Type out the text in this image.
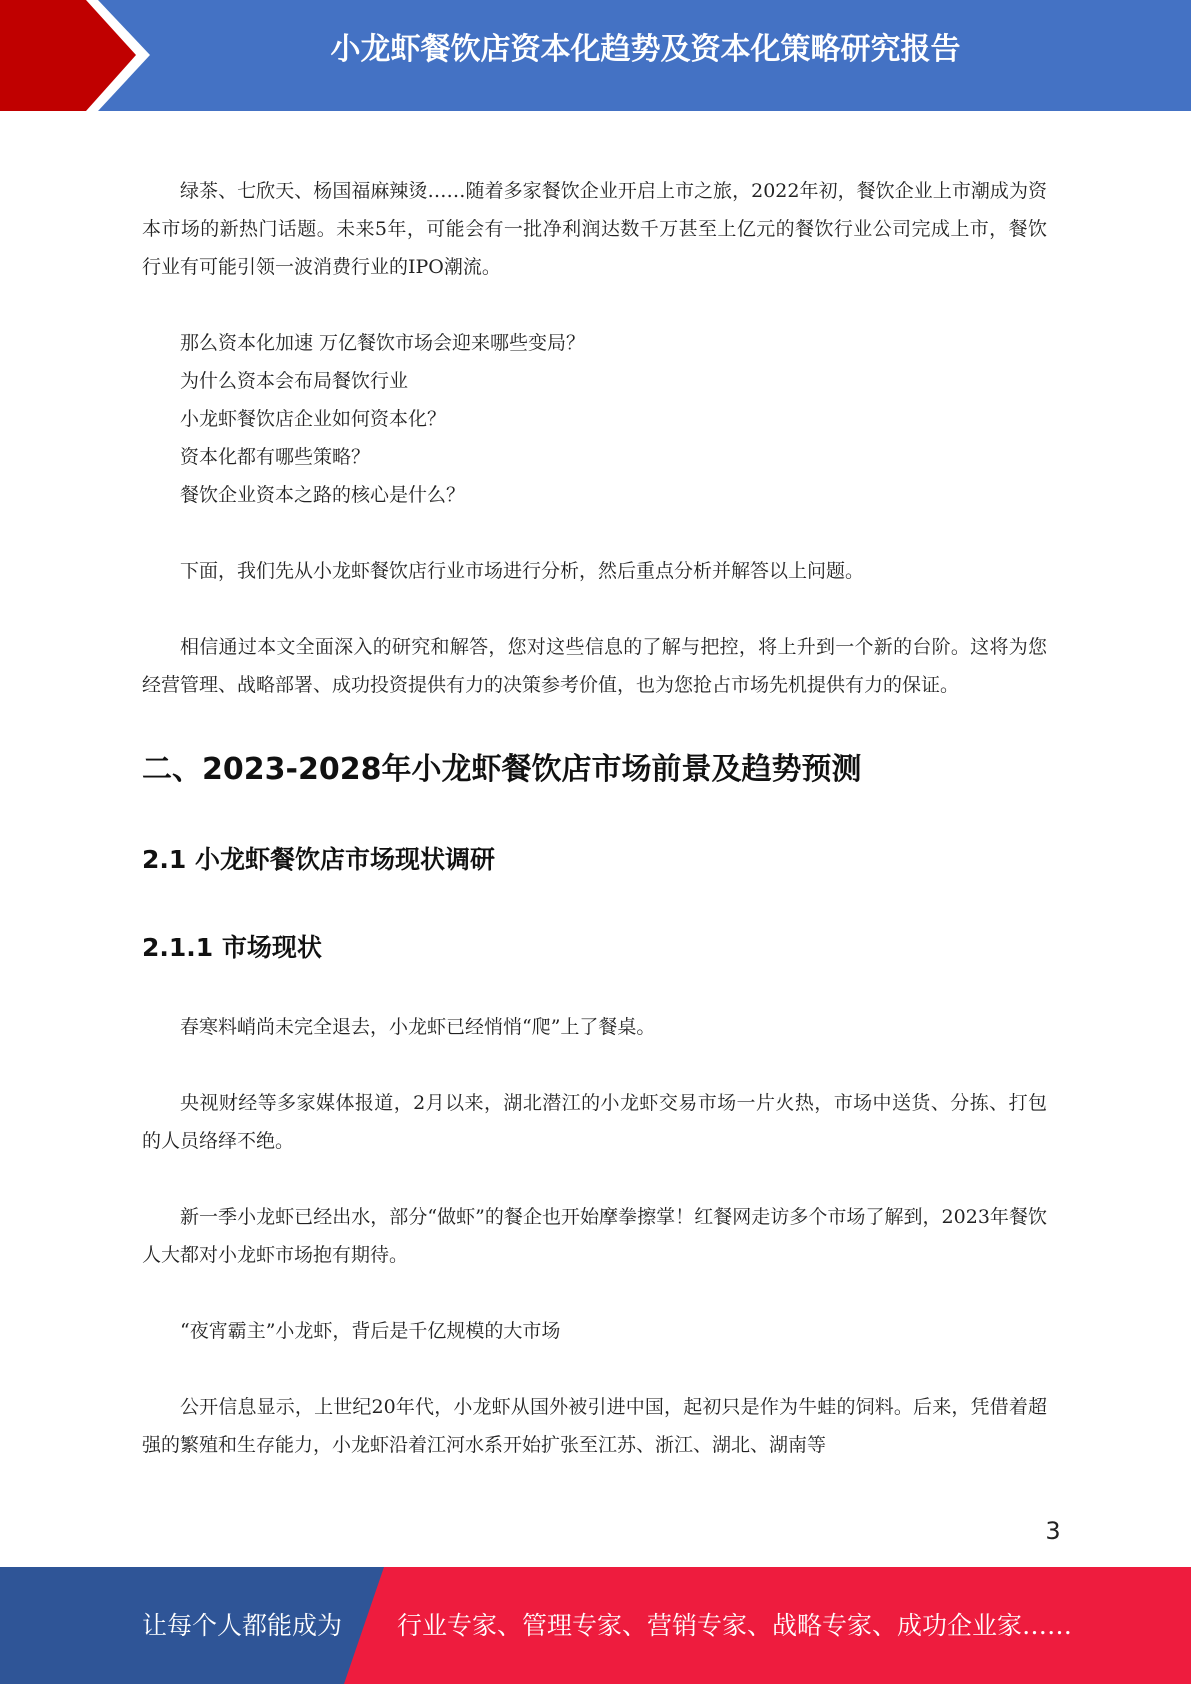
小龙虾餐饮店资本化趋势及资本化策略研究报告

绿茶、七欣天、杨国福麻辣烫……随着多家餐饮企业开启上市之旅，2022年初，餐饮企业上市潮成为资本市场的新热门话题。未来5年，可能会有一批净利润达数千万甚至上亿元的餐饮行业公司完成上市，餐饮行业有可能引领一波消费行业的IPO潮流。

那么资本化加速 万亿餐饮市场会迎来哪些变局？
为什么资本会布局餐饮行业
小龙虾餐饮店企业如何资本化？
资本化都有哪些策略？
餐饮企业资本之路的核心是什么？

下面，我们先从小龙虾餐饮店行业市场进行分析，然后重点分析并解答以上问题。

相信通过本文全面深入的研究和解答，您对这些信息的了解与把控，将上升到一个新的台阶。这将为您经营管理、战略部署、成功投资提供有力的决策参考价值，也为您抢占市场先机提供有力的保证。

二、2023-2028年小龙虾餐饮店市场前景及趋势预测
2.1 小龙虾餐饮店市场现状调研
2.1.1 市场现状

春寒料峭尚未完全退去，小龙虾已经悄悄“爬”上了餐桌。

央视财经等多家媒体报道，2月以来，湖北潜江的小龙虾交易市场一片火热，市场中送货、分拣、打包的人员络绎不绝。

新一季小龙虾已经出水，部分“做虾”的餐企也开始摩拳擦掌！红餐网走访多个市场了解到，2023年餐饮人大都对小龙虾市场抱有期待。

“夜宵霸主”小龙虾，背后是千亿规模的大市场

公开信息显示，上世纪20年代，小龙虾从国外被引进中国，起初只是作为牛蛙的饲料。后来，凭借着超强的繁殖和生存能力，小龙虾沿着江河水系开始扩张至江苏、浙江、湖北、湖南等

3
让每个人都能成为 行业专家、管理专家、营销专家、战略专家、成功企业家……
